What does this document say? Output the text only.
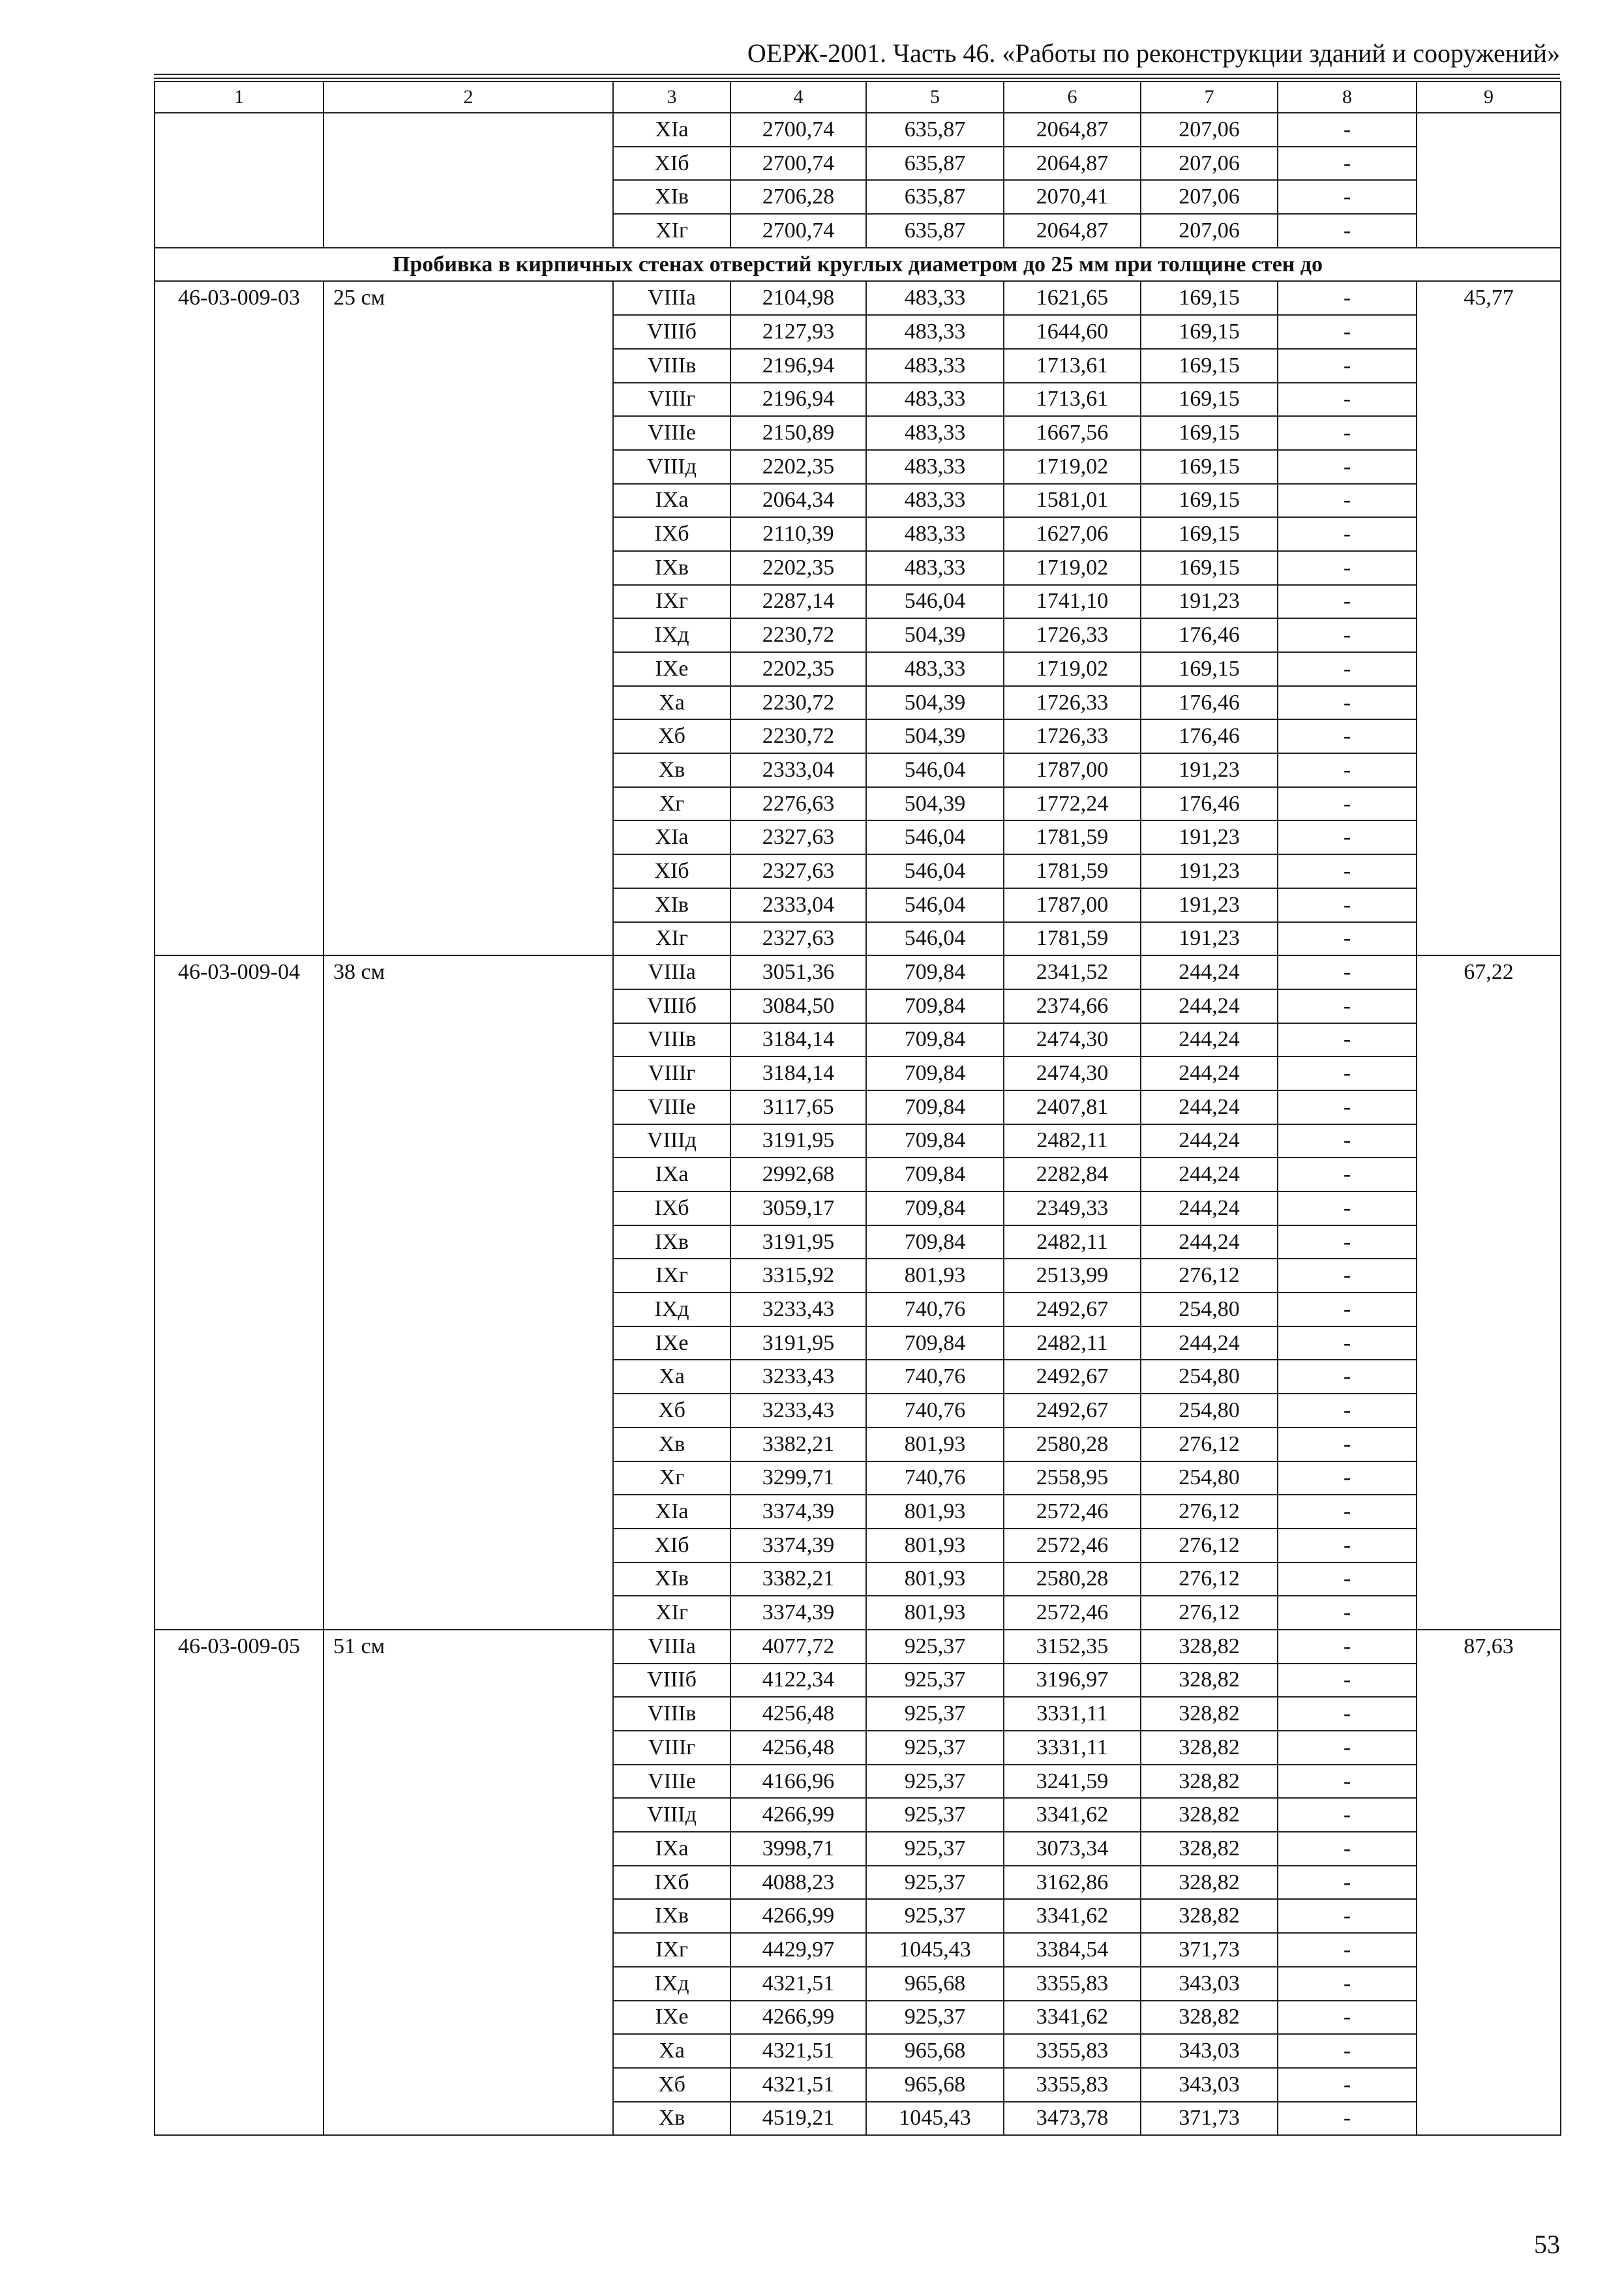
ОЕРЖ-2001. Часть 46. «Работы по реконструкции зданий и сооружений»
1	2	3	4	5	6	7	8	9
		XIа	2700,74	635,87	2064,87	207,06	-	
		XIб	2700,74	635,87	2064,87	207,06	-	
		XIв	2706,28	635,87	2070,41	207,06	-	
		XIг	2700,74	635,87	2064,87	207,06	-	
Пробивка в кирпичных стенах отверстий круглых диаметром до 25 мм при толщине стен до								
46-03-009-03	25 см	VIIIа	2104,98	483,33	1621,65	169,15	-	45,77
		VIIIб	2127,93	483,33	1644,60	169,15	-	
		VIIIв	2196,94	483,33	1713,61	169,15	-	
		VIIIг	2196,94	483,33	1713,61	169,15	-	
		VIIIе	2150,89	483,33	1667,56	169,15	-	
		VIIIд	2202,35	483,33	1719,02	169,15	-	
		IXа	2064,34	483,33	1581,01	169,15	-	
		IXб	2110,39	483,33	1627,06	169,15	-	
		IXв	2202,35	483,33	1719,02	169,15	-	
		IXг	2287,14	546,04	1741,10	191,23	-	
		IXд	2230,72	504,39	1726,33	176,46	-	
		IXе	2202,35	483,33	1719,02	169,15	-	
		Xа	2230,72	504,39	1726,33	176,46	-	
		Xб	2230,72	504,39	1726,33	176,46	-	
		Xв	2333,04	546,04	1787,00	191,23	-	
		Xг	2276,63	504,39	1772,24	176,46	-	
		XIа	2327,63	546,04	1781,59	191,23	-	
		XIб	2327,63	546,04	1781,59	191,23	-	
		XIв	2333,04	546,04	1787,00	191,23	-	
		XIг	2327,63	546,04	1781,59	191,23	-	
46-03-009-04	38 см	VIIIа	3051,36	709,84	2341,52	244,24	-	67,22
		VIIIб	3084,50	709,84	2374,66	244,24	-	
		VIIIв	3184,14	709,84	2474,30	244,24	-	
		VIIIг	3184,14	709,84	2474,30	244,24	-	
		VIIIе	3117,65	709,84	2407,81	244,24	-	
		VIIIд	3191,95	709,84	2482,11	244,24	-	
		IXа	2992,68	709,84	2282,84	244,24	-	
		IXб	3059,17	709,84	2349,33	244,24	-	
		IXв	3191,95	709,84	2482,11	244,24	-	
		IXг	3315,92	801,93	2513,99	276,12	-	
		IXд	3233,43	740,76	2492,67	254,80	-	
		IXе	3191,95	709,84	2482,11	244,24	-	
		Xа	3233,43	740,76	2492,67	254,80	-	
		Xб	3233,43	740,76	2492,67	254,80	-	
		Xв	3382,21	801,93	2580,28	276,12	-	
		Xг	3299,71	740,76	2558,95	254,80	-	
		XIа	3374,39	801,93	2572,46	276,12	-	
		XIб	3374,39	801,93	2572,46	276,12	-	
		XIв	3382,21	801,93	2580,28	276,12	-	
		XIг	3374,39	801,93	2572,46	276,12	-	
46-03-009-05	51 см	VIIIа	4077,72	925,37	3152,35	328,82	-	87,63
		VIIIб	4122,34	925,37	3196,97	328,82	-	
		VIIIв	4256,48	925,37	3331,11	328,82	-	
		VIIIг	4256,48	925,37	3331,11	328,82	-	
		VIIIе	4166,96	925,37	3241,59	328,82	-	
		VIIIд	4266,99	925,37	3341,62	328,82	-	
		IXа	3998,71	925,37	3073,34	328,82	-	
		IXб	4088,23	925,37	3162,86	328,82	-	
		IXв	4266,99	925,37	3341,62	328,82	-	
		IXг	4429,97	1045,43	3384,54	371,73	-	
		IXд	4321,51	965,68	3355,83	343,03	-	
		IXе	4266,99	925,37	3341,62	328,82	-	
		Xа	4321,51	965,68	3355,83	343,03	-	
		Xб	4321,51	965,68	3355,83	343,03	-	
		Xв	4519,21	1045,43	3473,78	371,73	-	
53
